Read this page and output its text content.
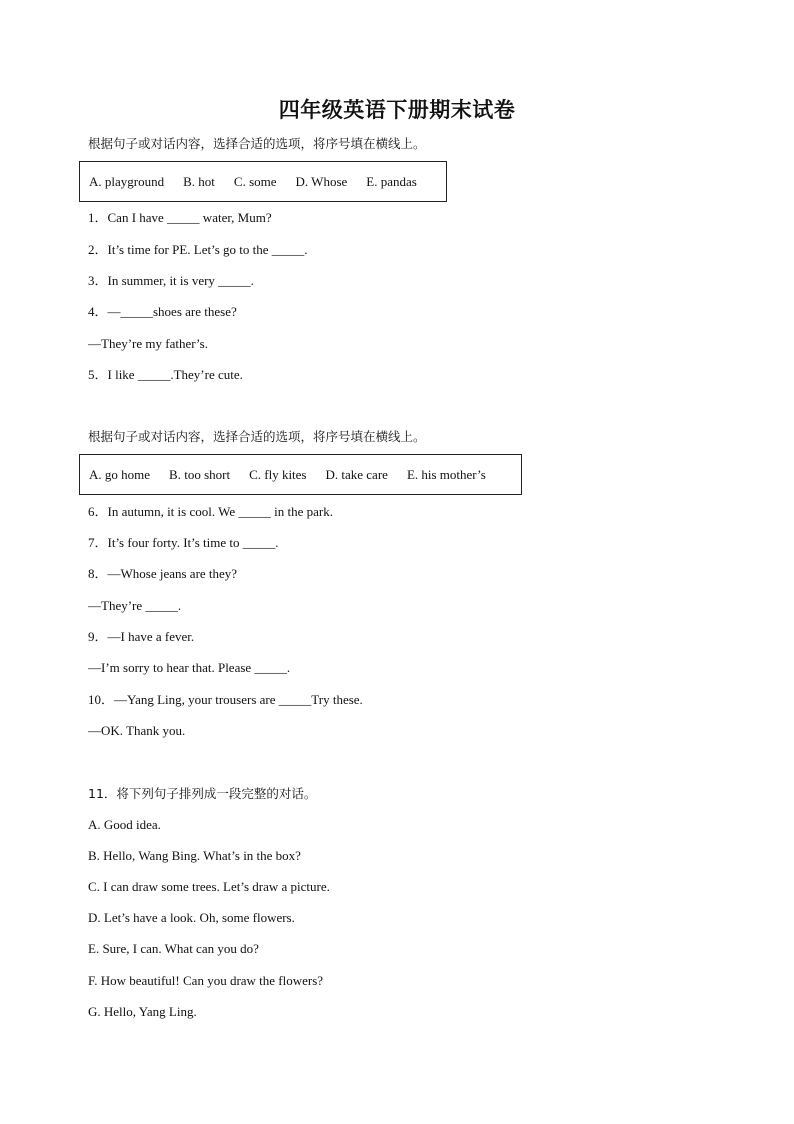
四年级英语下册期末试卷
根据句子或对话内容，选择合适的选项，将序号填在横线上。
A. playground B. hot C. some D. Whose E. pandas
1．Can I have _____ water, Mum?
2．It’s time for PE. Let’s go to the _____.
3．In summer, it is very _____.
4．—_____shoes are these?
—They’re my father’s.
5．I like _____.They’re cute.
根据句子或对话内容，选择合适的选项，将序号填在横线上。
A. go home B. too short C. fly kites D. take care E. his mother’s
6．In autumn, it is cool. We _____ in the park.
7．It’s four forty. It’s time to _____.
8．—Whose jeans are they?
—They’re _____.
9．—I have a fever.
—I’m sorry to hear that. Please _____.
10．—Yang Ling, your trousers are _____Try these.
—OK. Thank you.
11．将下列句子排列成一段完整的对话。
A. Good idea.
B. Hello, Wang Bing. What’s in the box?
C. I can draw some trees. Let’s draw a picture.
D. Let’s have a look. Oh, some flowers.
E. Sure, I can. What can you do?
F. How beautiful! Can you draw the flowers?
G. Hello, Yang Ling.
